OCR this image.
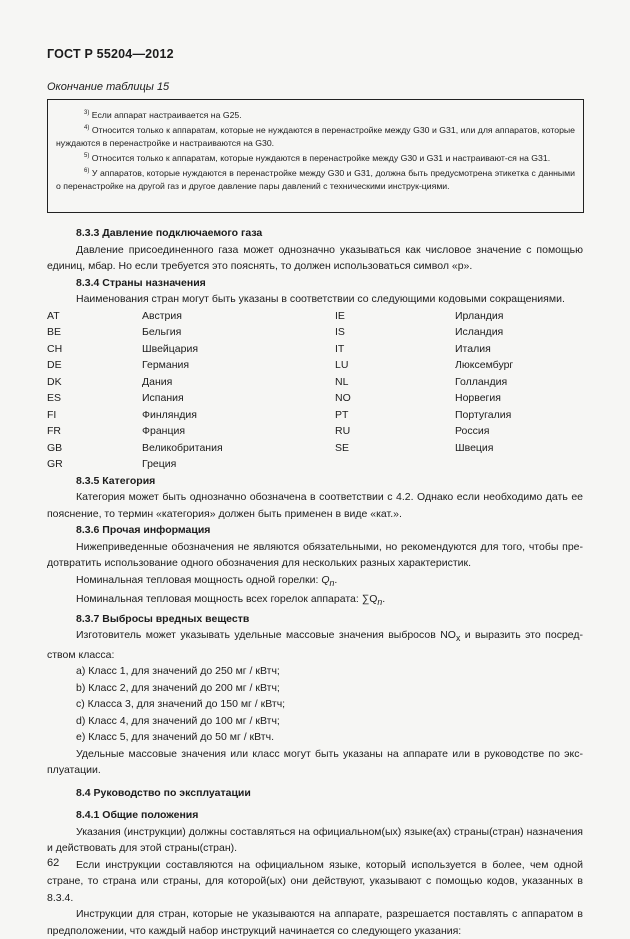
ГОСТ Р 55204—2012
Окончание таблицы 15

$^{3)}$ Если аппарат настраивается на G25.

$^{4)}$ Относится только к аппаратам, которые не нуждаются в перенастройке между G30 и G31, или для аппаратов, которые нуждаются в перенастройке и настраиваются на G30.

$^{5)}$ Относится только к аппаратам, которые нуждаются в перенастройке между G30 и G31 и настраивают-ся на G31.

$^{6)}$ У аппаратов, которые нуждаются в перенастройке между G30 и G31, должна быть предусмотрена этикетка с данными о перенастройке на другой газ и другое давление пары давлений с техническими инструк-циями.

8.3.3 Давление подключаемого газа

Давление присоединенного газа может однозначно указываться как числовое значение с помощью единиц, мбар. Но если требуется это пояснять, то должен использоваться символ «р».

8.3.4 Страны назначения

Наименования стран могут быть указаны в соответствии со следующими кодовыми сокращениями.

AT	Австрия	IE	Ирландия
BE	Бельгия	IS	Исландия
CH	Швейцария	IT	Италия
DE	Германия	LU	Люксембург
DK	Дания	NL	Голландия
ES	Испания	NO	Норвегия
FI	Финляндия	PT	Португалия
FR	Франция	RU	Россия
GB	Великобритания	SE	Швеция
GR	Греция

8.3.5 Категория

Категория может быть однозначно обозначена в соответствии с 4.2. Однако если необходимо дать ее пояснение, то термин «категория» должен быть применен в виде «кат.».

8.3.6 Прочая информация

Нижеприведенные обозначения не являются обязательными, но рекомендуются для того, чтобы пре-дотвратить использование одного обозначения для нескольких разных характеристик.

Номинальная тепловая мощность одной горелки: $Q_n$.

Номинальная тепловая мощность всех горелок аппарата: $\sum Q_n$.

8.3.7 Выбросы вредных веществ

Изготовитель может указывать удельные массовые значения выбросов $NO_x$ и выразить это посред-ством класса:

a) Класс 1, для значений до 250 мг / кВтч;

b) Класс 2, для значений до 200 мг / кВтч;

c) Класса 3, для значений до 150 мг / кВтч;

d) Класс 4, для значений до 100 мг / кВтч;

e) Класс 5, для значений до 50 мг / кВтч.

Удельные массовые значения или класс могут быть указаны на аппарате или в руководстве по экс-плуатации.

8.4 Руководство по эксплуатации

8.4.1 Общие положения

Указания (инструкции) должны составляться на официальном(ых) языке(ах) страны(стран) назначения и действовать для этой страны(стран).

Если инструкции составляются на официальном языке, который используется в более, чем одной стране, то страна или страны, для которой(ых) они действуют, указывают с помощью кодов, указанных в 8.3.4.

Инструкции для стран, которые не указываются на аппарате, разрешается поставлять с аппаратом в предположении, что каждый набор инструкций начинается со следующего указания:

62
